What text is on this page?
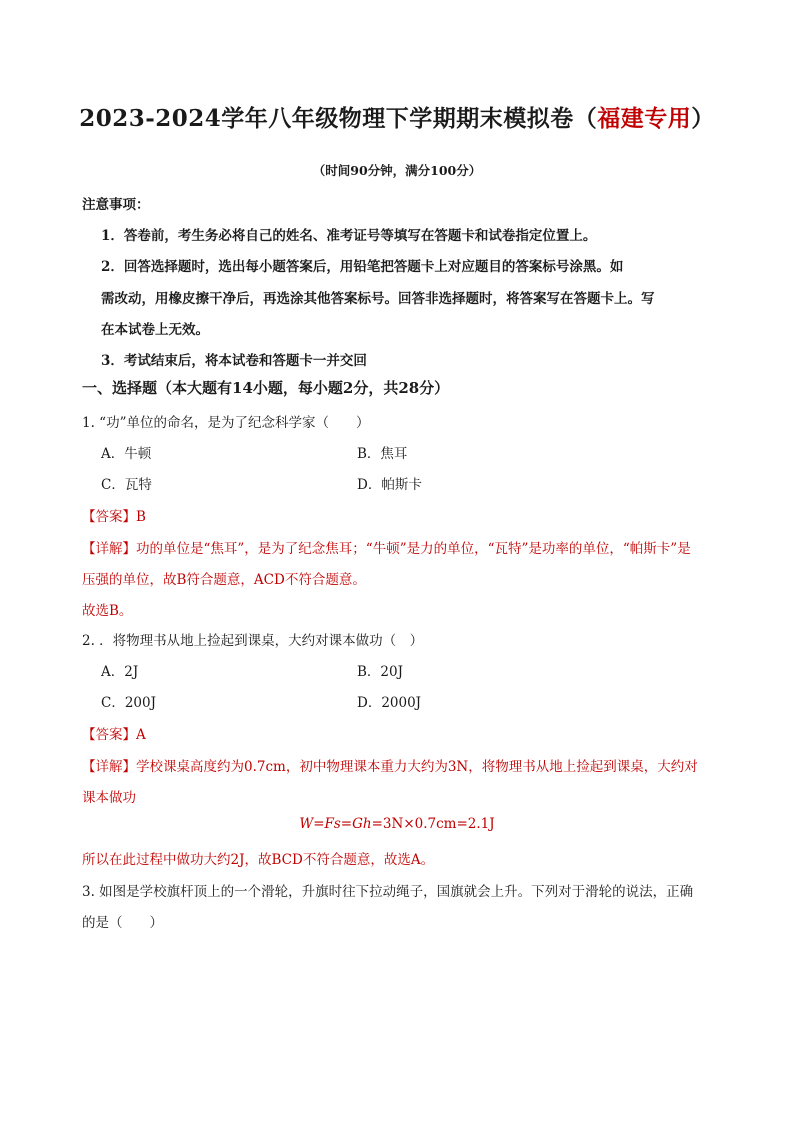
2023-2024学年八年级物理下学期期末模拟卷（福建专用）
（时间90分钟，满分100分）
注意事项：
1．答卷前，考生务必将自己的姓名、准考证号等填写在答题卡和试卷指定位置上。
2．回答选择题时，选出每小题答案后，用铅笔把答题卡上对应题目的答案标号涂黑。如
需改动，用橡皮擦干净后，再选涂其他答案标号。回答非选择题时，将答案写在答题卡上。写
在本试卷上无效。
3．考试结束后，将本试卷和答题卡一并交回
一、选择题（本大题有14小题，每小题2分，共28分）
1. “功”单位的命名，是为了纪念科学家（　　）
A．牛顿	B．焦耳
C．瓦特	D．帕斯卡
【答案】B
【详解】功的单位是“焦耳”，是为了纪念焦耳；“牛顿”是力的单位，“瓦特”是功率的单位，“帕斯卡”是
压强的单位，故B符合题意，ACD不符合题意。
故选B。
2. ．将物理书从地上捡起到课桌，大约对课本做功（　）
A．2J	B．20J
C．200J	D．2000J
【答案】A
【详解】学校课桌高度约为0.7cm，初中物理课本重力大约为3N，将物理书从地上捡起到课桌，大约对
课本做功
W=Fs=Gh=3N×0.7cm=2.1J
所以在此过程中做功大约2J，故BCD不符合题意，故选A。
3. 如图是学校旗杆顶上的一个滑轮，升旗时往下拉动绳子，国旗就会上升。下列对于滑轮的说法，正确
的是（　　）
